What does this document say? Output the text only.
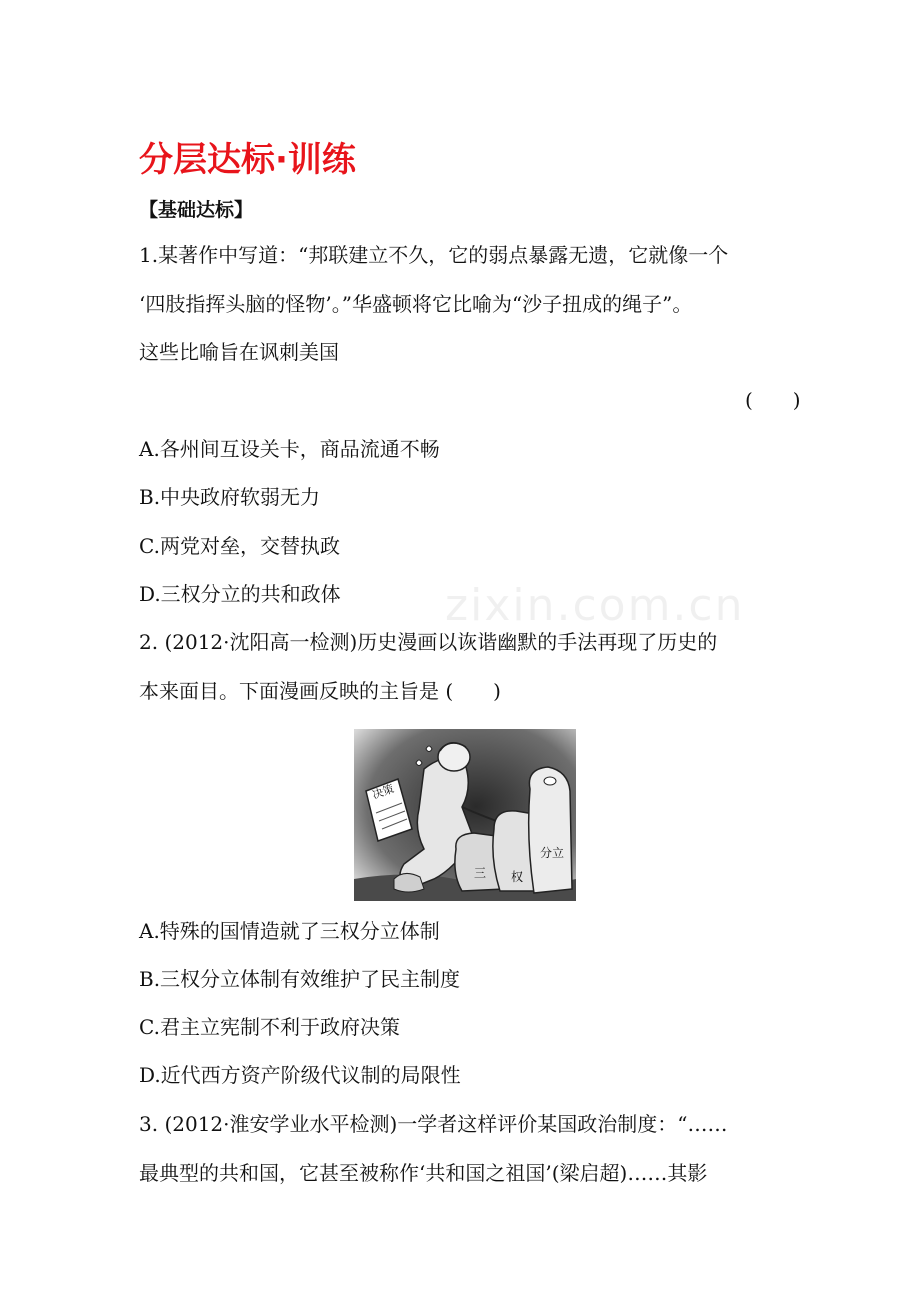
分层达标·训练
【基础达标】
zixin.com.cn
1.某著作中写道：“邦联建立不久，它的弱点暴露无遗，它就像一个
‘四肢指挥头脑的怪物’。”华盛顿将它比喻为“沙子扭成的绳子”。
这些比喻旨在讽刺美国
(　　)
A.各州间互设关卡，商品流通不畅
B.中央政府软弱无力
C.两党对垒，交替执政
D.三权分立的共和政体
2. (2012·沈阳高一检测)历史漫画以诙谐幽默的手法再现了历史的
本来面目。下面漫画反映的主旨是 (　　)
决策
三 权
分立
A.特殊的国情造就了三权分立体制
B.三权分立体制有效维护了民主制度
C.君主立宪制不利于政府决策
D.近代西方资产阶级代议制的局限性
3. (2012·淮安学业水平检测)一学者这样评价某国政治制度：“……
最典型的共和国，它甚至被称作‘共和国之祖国’(梁启超)……其影
